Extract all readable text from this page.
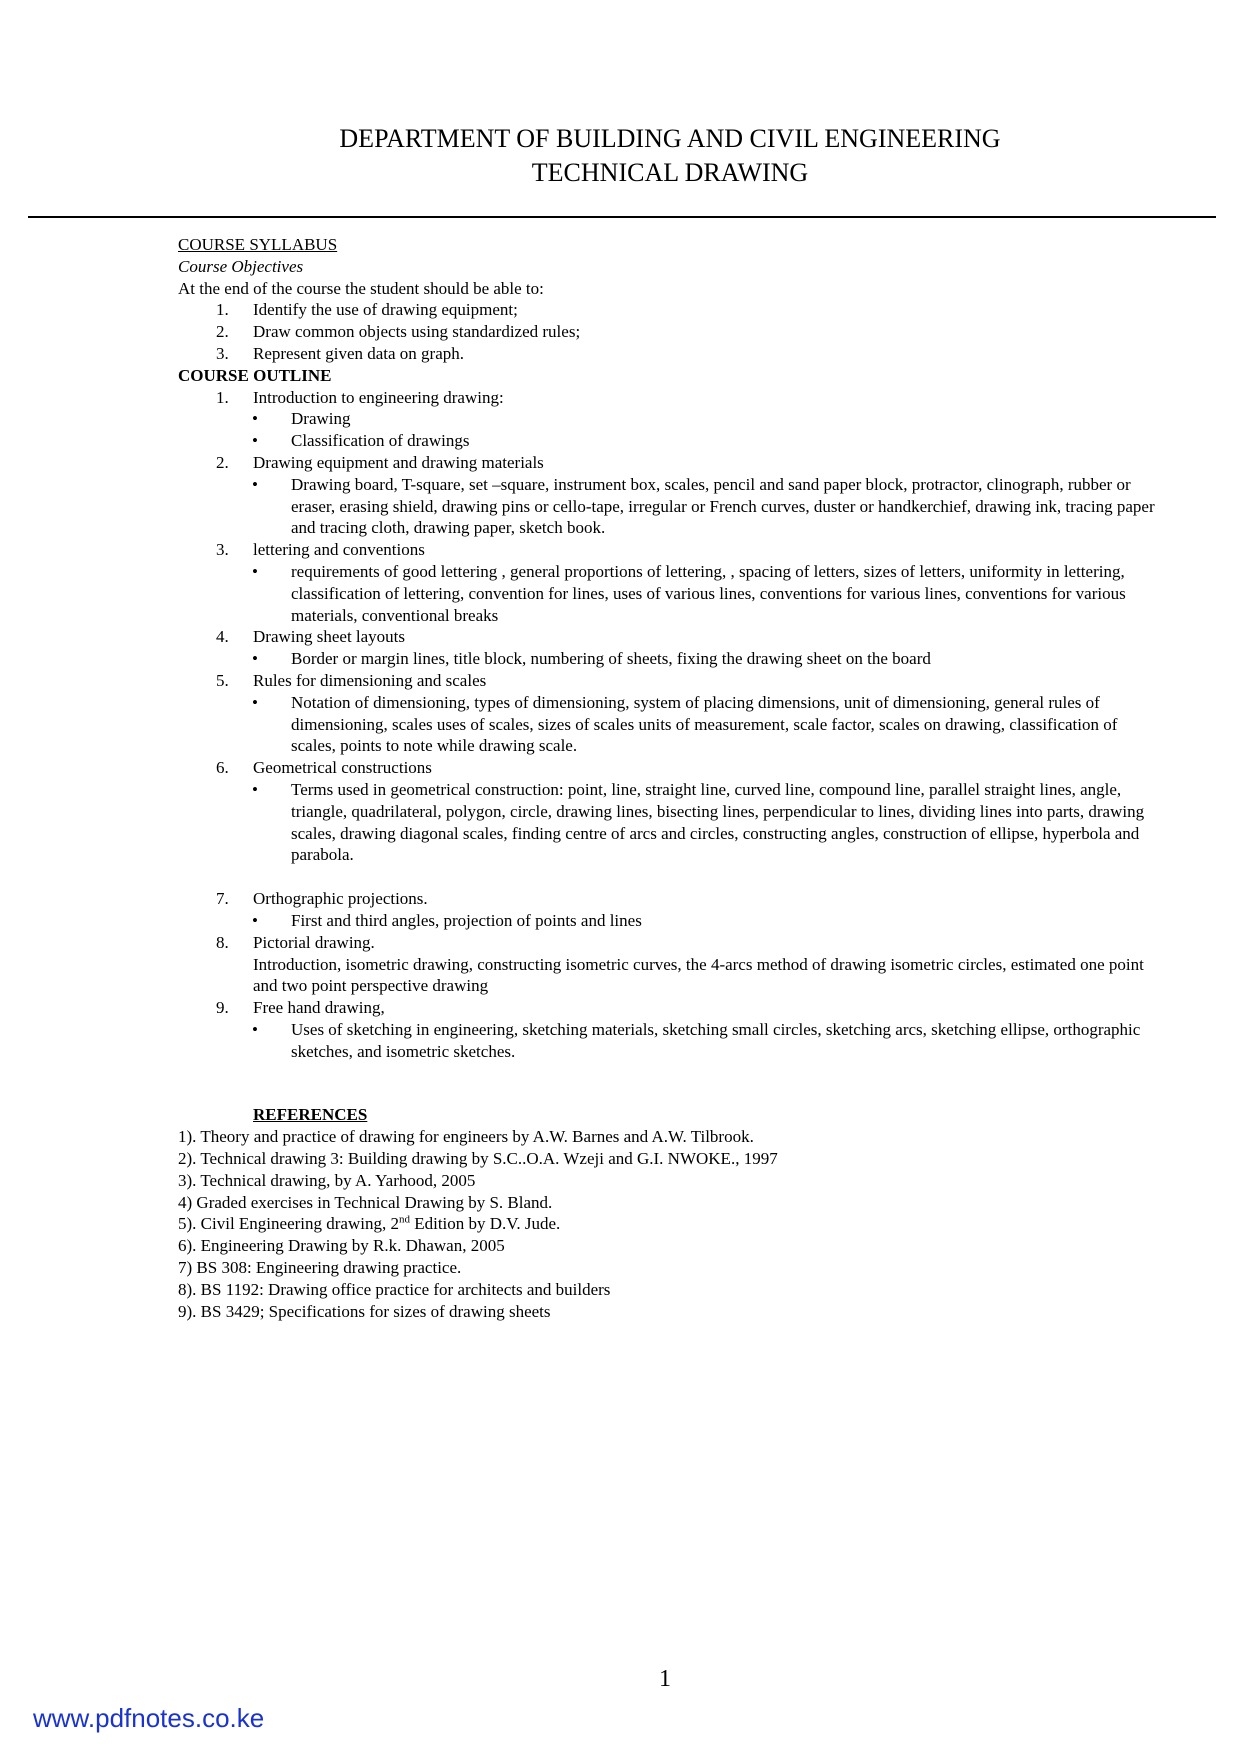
DEPARTMENT OF BUILDING AND CIVIL ENGINEERING
TECHNICAL DRAWING
COURSE SYLLABUS
Course Objectives
At the end of the course the student should be able to:
1. Identify the use of drawing equipment;
2. Draw common objects using standardized rules;
3. Represent given data on graph.
COURSE OUTLINE
1. Introduction to engineering drawing:
• Drawing
• Classification of drawings
2. Drawing equipment and drawing materials
• Drawing board, T-square, set –square, instrument box, scales, pencil and sand paper block, protractor, clinograph, rubber or eraser, erasing shield, drawing pins or cello-tape, irregular or French curves, duster or handkerchief, drawing ink, tracing paper and tracing cloth, drawing paper, sketch book.
3. lettering and conventions
• requirements of good lettering , general proportions of lettering, , spacing of letters, sizes of letters, uniformity in lettering, classification of lettering, convention for lines, uses of various lines, conventions for various lines, conventions for various materials, conventional breaks
4. Drawing sheet layouts
• Border or margin lines, title block, numbering of sheets, fixing the drawing sheet on the board
5. Rules for dimensioning and scales
• Notation of dimensioning, types of dimensioning, system of placing dimensions, unit of dimensioning, general rules of dimensioning, scales uses of scales, sizes of scales units of measurement, scale factor, scales on drawing, classification of scales, points to note while drawing scale.
6. Geometrical constructions
• Terms used in geometrical construction: point, line, straight line, curved line, compound line, parallel straight lines, angle, triangle, quadrilateral, polygon, circle, drawing lines, bisecting lines, perpendicular to lines, dividing lines into parts, drawing scales, drawing diagonal scales, finding centre of arcs and circles, constructing angles, construction of ellipse, hyperbola and parabola.
7. Orthographic projections.
• First and third angles, projection of points and lines
8. Pictorial drawing.
Introduction, isometric drawing, constructing isometric curves, the 4-arcs method of drawing isometric circles, estimated one point and two point perspective drawing
9. Free hand drawing,
• Uses of sketching in engineering, sketching materials, sketching small circles, sketching arcs, sketching ellipse, orthographic sketches, and isometric sketches.
REFERENCES
1). Theory and practice of drawing for engineers by A.W. Barnes and A.W. Tilbrook.
2). Technical drawing 3: Building drawing by S.C..O.A. Wzeji and G.I. NWOKE., 1997
3). Technical drawing, by A. Yarhood, 2005
4) Graded exercises in Technical Drawing by S. Bland.
5). Civil Engineering drawing, 2nd Edition by D.V. Jude.
6). Engineering Drawing by R.k. Dhawan, 2005
7) BS 308: Engineering drawing practice.
8). BS 1192: Drawing office practice for architects and builders
9). BS 3429; Specifications for sizes of drawing sheets
1
www.pdfnotes.co.ke
